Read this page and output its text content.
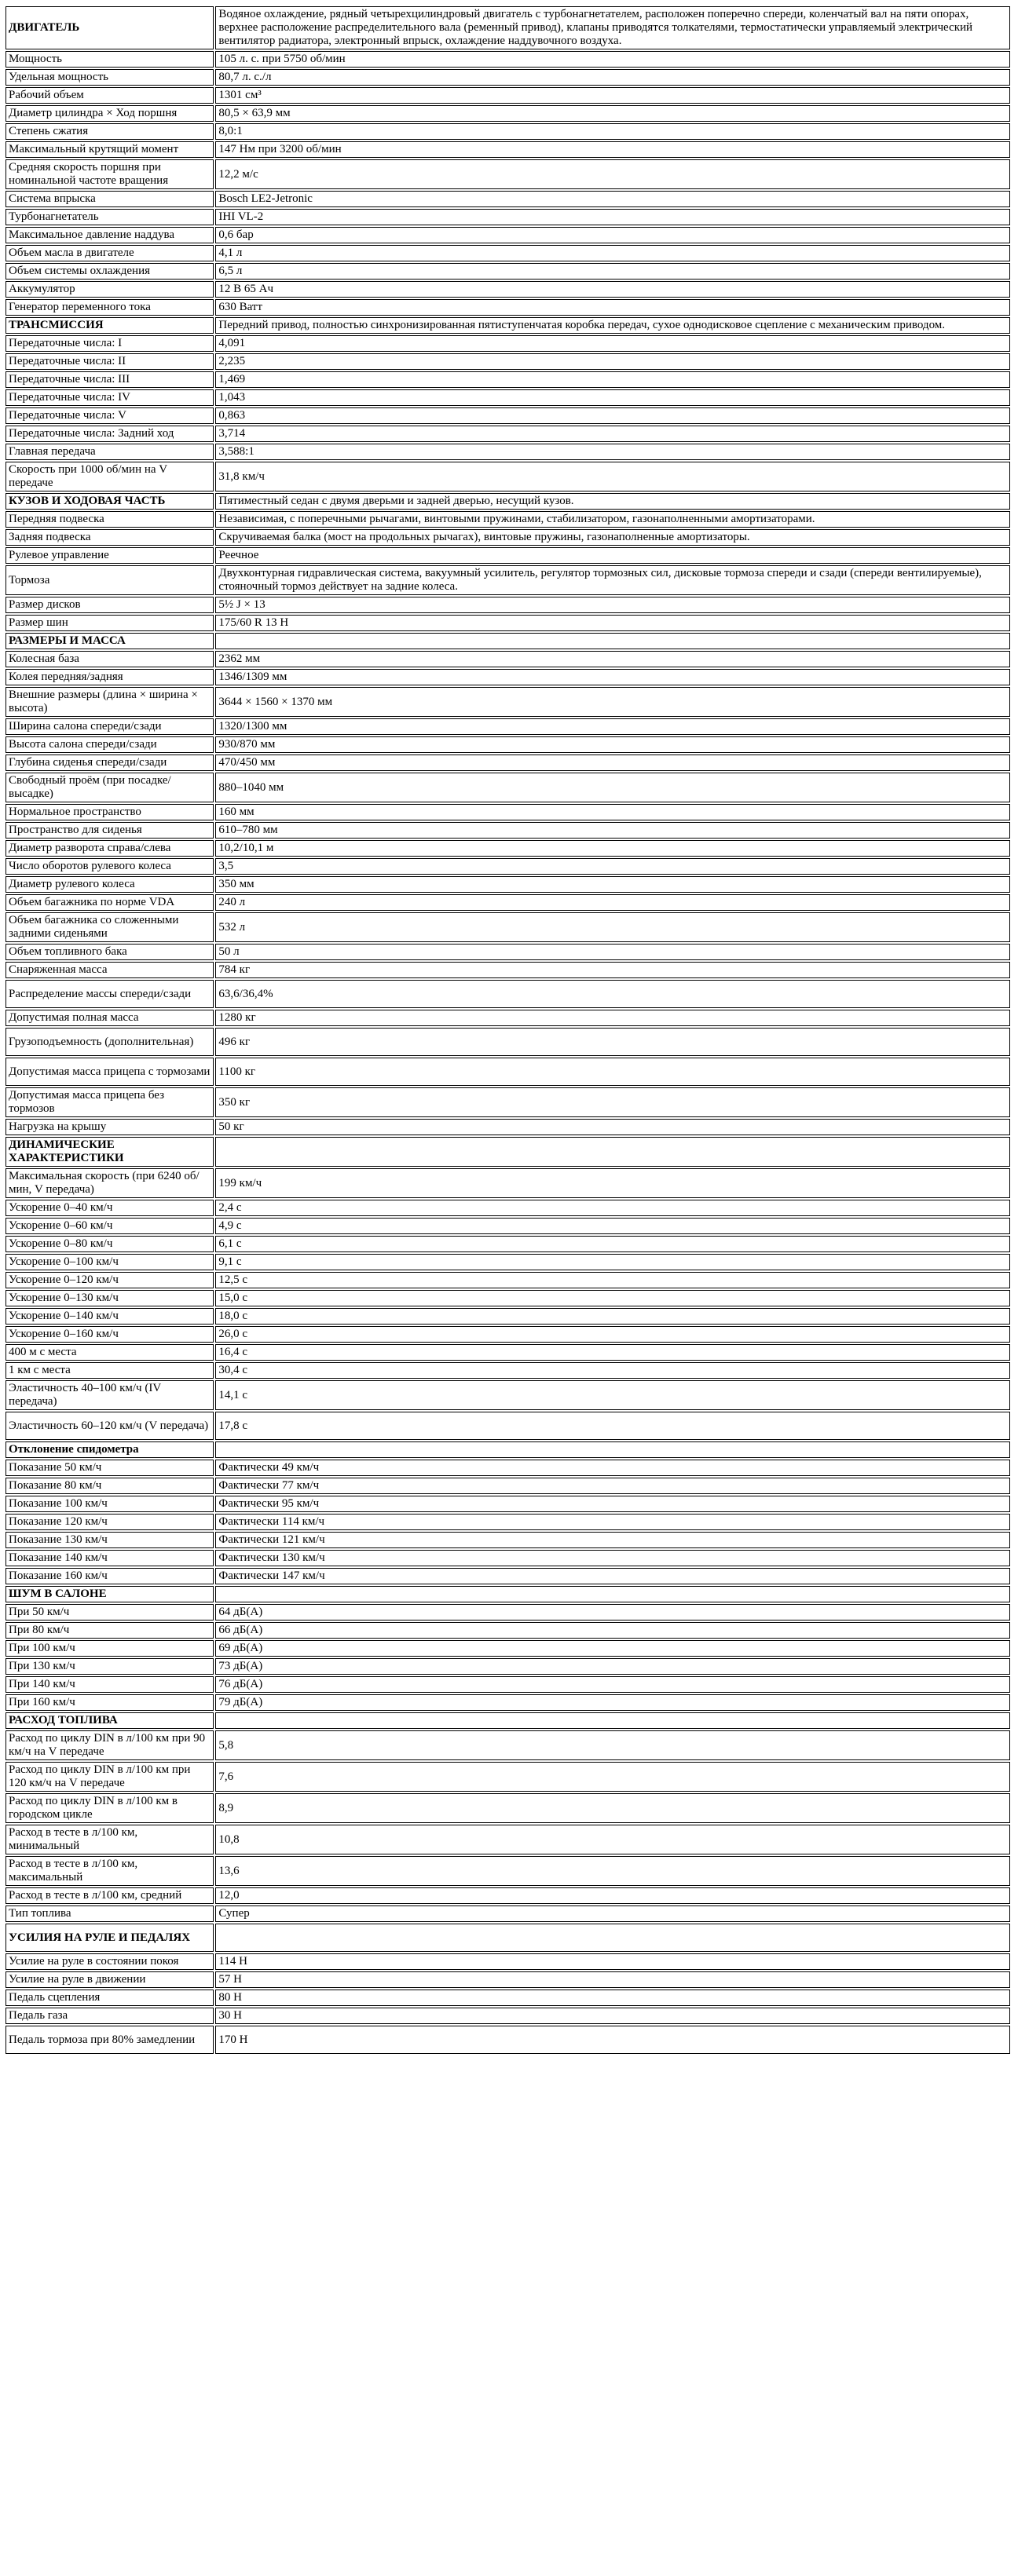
ДВИГАТЕЛЬ	Водяное охлаждение, рядный четырехцилиндровый двигатель с турбонагнетателем, расположен поперечно спереди, коленчатый вал на пяти опорах, верхнее расположение распределительного вала (ременный привод), клапаны приводятся толкателями, термостатически управляемый электрический вентилятор радиатора, электронный впрыск, охлаждение наддувочного воздуха.
Мощность	105 л. с. при 5750 об/мин
Удельная мощность	80,7 л. с./л
Рабочий объем	1301 см³
Диаметр цилиндра × Ход поршня	80,5 × 63,9 мм
Степень сжатия	8,0:1
Максимальный крутящий момент	147 Нм при 3200 об/мин
Средняя скорость поршня при номинальной частоте вращения	12,2 м/с
Система впрыска	Bosch LE2-Jetronic
Турбонагнетатель	IHI VL-2
Максимальное давление наддува	0,6 бар
Объем масла в двигателе	4,1 л
Объем системы охлаждения	6,5 л
Аккумулятор	12 В 65 Ач
Генератор переменного тока	630 Ватт
ТРАНСМИССИЯ	Передний привод, полностью синхронизированная пятиступенчатая коробка передач, сухое однодисковое сцепление с механическим приводом.
Передаточные числа: I	4,091
Передаточные числа: II	2,235
Передаточные числа: III	1,469
Передаточные числа: IV	1,043
Передаточные числа: V	0,863
Передаточные числа: Задний ход	3,714
Главная передача	3,588:1
Скорость при 1000 об/мин на V передаче	31,8 км/ч
КУЗОВ И ХОДОВАЯ ЧАСТЬ	Пятиместный седан с двумя дверьми и задней дверью, несущий кузов.
Передняя подвеска	Независимая, с поперечными рычагами, винтовыми пружинами, стабилизатором, газонаполненными амортизаторами.
Задняя подвеска	Скручиваемая балка (мост на продольных рычагах), винтовые пружины, газонаполненные амортизаторы.
Рулевое управление	Реечное
Тормоза	Двухконтурная гидравлическая система, вакуумный усилитель, регулятор тормозных сил, дисковые тормоза спереди и сзади (спереди вентилируемые), стояночный тормоз действует на задние колеса.
Размер дисков	5½ J × 13
Размер шин	175/60 R 13 H
РАЗМЕРЫ И МАССА	
Колесная база	2362 мм
Колея передняя/задняя	1346/1309 мм
Внешние размеры (длина × ширина × высота)	3644 × 1560 × 1370 мм
Ширина салона спереди/сзади	1320/1300 мм
Высота салона спереди/сзади	930/870 мм
Глубина сиденья спереди/сзади	470/450 мм
Свободный проём (при посадке/высадке)	880–1040 мм
Нормальное пространство	160 мм
Пространство для сиденья	610–780 мм
Диаметр разворота справа/слева	10,2/10,1 м
Число оборотов рулевого колеса	3,5
Диаметр рулевого колеса	350 мм
Объем багажника по норме VDA	240 л
Объем багажника со сложенными задними сиденьями	532 л
Объем топливного бака	50 л
Снаряженная масса	784 кг
Распределение массы спереди/сзади	63,6/36,4%
Допустимая полная масса	1280 кг
Грузоподъемность (дополнительная)	496 кг
Допустимая масса прицепа с тормозами	1100 кг
Допустимая масса прицепа без тормозов	350 кг
Нагрузка на крышу	50 кг
ДИНАМИЧЕСКИЕ ХАРАКТЕРИСТИКИ	
Максимальная скорость (при 6240 об/мин, V передача)	199 км/ч
Ускорение 0–40 км/ч	2,4 с
Ускорение 0–60 км/ч	4,9 с
Ускорение 0–80 км/ч	6,1 с
Ускорение 0–100 км/ч	9,1 с
Ускорение 0–120 км/ч	12,5 с
Ускорение 0–130 км/ч	15,0 с
Ускорение 0–140 км/ч	18,0 с
Ускорение 0–160 км/ч	26,0 с
400 м с места	16,4 с
1 км с места	30,4 с
Эластичность 40–100 км/ч (IV передача)	14,1 с
Эластичность 60–120 км/ч (V передача)	17,8 с
Отклонение спидометра	
Показание 50 км/ч	Фактически 49 км/ч
Показание 80 км/ч	Фактически 77 км/ч
Показание 100 км/ч	Фактически 95 км/ч
Показание 120 км/ч	Фактически 114 км/ч
Показание 130 км/ч	Фактически 121 км/ч
Показание 140 км/ч	Фактически 130 км/ч
Показание 160 км/ч	Фактически 147 км/ч
ШУМ В САЛОНЕ	
При 50 км/ч	64 дБ(A)
При 80 км/ч	66 дБ(A)
При 100 км/ч	69 дБ(A)
При 130 км/ч	73 дБ(A)
При 140 км/ч	76 дБ(A)
При 160 км/ч	79 дБ(A)
РАСХОД ТОПЛИВА	
Расход по циклу DIN в л/100 км при 90 км/ч на V передаче	5,8
Расход по циклу DIN в л/100 км при 120 км/ч на V передаче	7,6
Расход по циклу DIN в л/100 км в городском цикле	8,9
Расход в тесте в л/100 км, минимальный	10,8
Расход в тесте в л/100 км, максимальный	13,6
Расход в тесте в л/100 км, средний	12,0
Тип топлива	Супер
УСИЛИЯ НА РУЛЕ И ПЕДАЛЯХ	
Усилие на руле в состоянии покоя	114 Н
Усилие на руле в движении	57 Н
Педаль сцепления	80 Н
Педаль газа	30 Н
Педаль тормоза при 80% замедлении	170 Н
